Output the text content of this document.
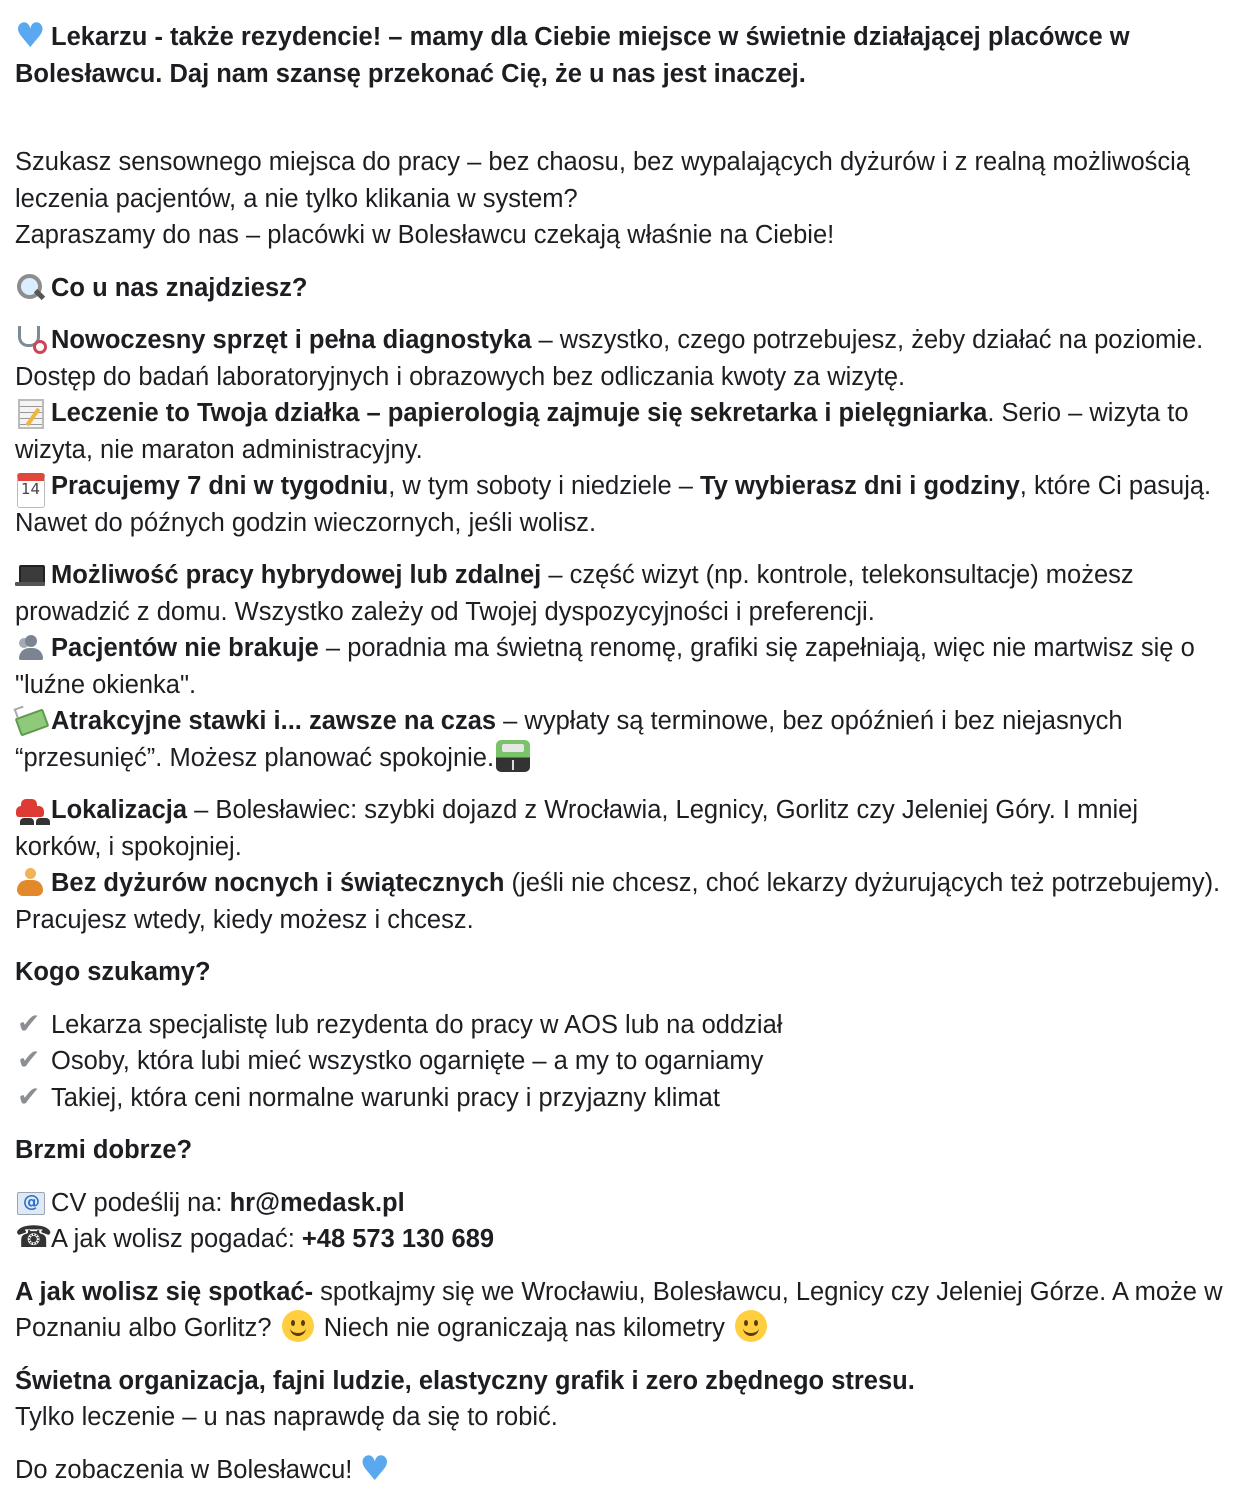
♥Lekarzu - także rezydencie! – mamy dla Ciebie miejsce w świetnie działającej placówce w Bolesławcu. Daj nam szansę przekonać Cię, że u nas jest inaczej.

Szukasz sensownego miejsca do pracy – bez chaosu, bez wypalających dyżurów i z realną możliwością leczenia pacjentów, a nie tylko klikania w system?
Zapraszamy do nas – placówki w Bolesławcu czekają właśnie na Ciebie!

Co u nas znajdziesz?

Nowoczesny sprzęt i pełna diagnostyka – wszystko, czego potrzebujesz, żeby działać na poziomie. Dostęp do badań laboratoryjnych i obrazowych bez odliczania kwoty za wizytę.
Leczenie to Twoja działka – papierologią zajmuje się sekretarka i pielęgniarka. Serio – wizyta to wizyta, nie maraton administracyjny.
14Pracujemy 7 dni w tygodniu, w tym soboty i niedziele – Ty wybierasz dni i godziny, które Ci pasują. Nawet do późnych godzin wieczornych, jeśli wolisz.

Możliwość pracy hybrydowej lub zdalnej – część wizyt (np. kontrole, telekonsultacje) możesz prowadzić z domu. Wszystko zależy od Twojej dyspozycyjności i preferencji.
Pacjentów nie brakuje – poradnia ma świetną renomę, grafiki się zapełniają, więc nie martwisz się o "luźne okienka".
Atrakcyjne stawki i... zawsze na czas – wypłaty są terminowe, bez opóźnień i bez niejasnych “przesunięć”. Możesz planować spokojnie.

Lokalizacja – Bolesławiec: szybki dojazd z Wrocławia, Legnicy, Gorlitz czy Jeleniej Góry. I mniej korków, i spokojniej.
Bez dyżurów nocnych i świątecznych (jeśli nie chcesz, choć lekarzy dyżurujących też potrzebujemy). Pracujesz wtedy, kiedy możesz i chcesz.

Kogo szukamy?

✔Lekarza specjalistę lub rezydenta do pracy w AOS lub na oddział
✔Osoby, która lubi mieć wszystko ogarnięte – a my to ogarniamy
✔Takiej, która ceni normalne warunki pracy i przyjazny klimat

Brzmi dobrze?

@CV podeślij na: hr@medask.pl
☎A jak wolisz pogadać: +48 573 130 689

A jak wolisz się spotkać- spotkajmy się we Wrocławiu, Bolesławcu, Legnicy czy Jeleniej Górze. A może w Poznaniu albo Gorlitz?  Niech nie ograniczają nas kilometry

Świetna organizacja, fajni ludzie, elastyczny grafik i zero zbędnego stresu.
Tylko leczenie – u nas naprawdę da się to robić.

Do zobaczenia w Bolesławcu! ♥
